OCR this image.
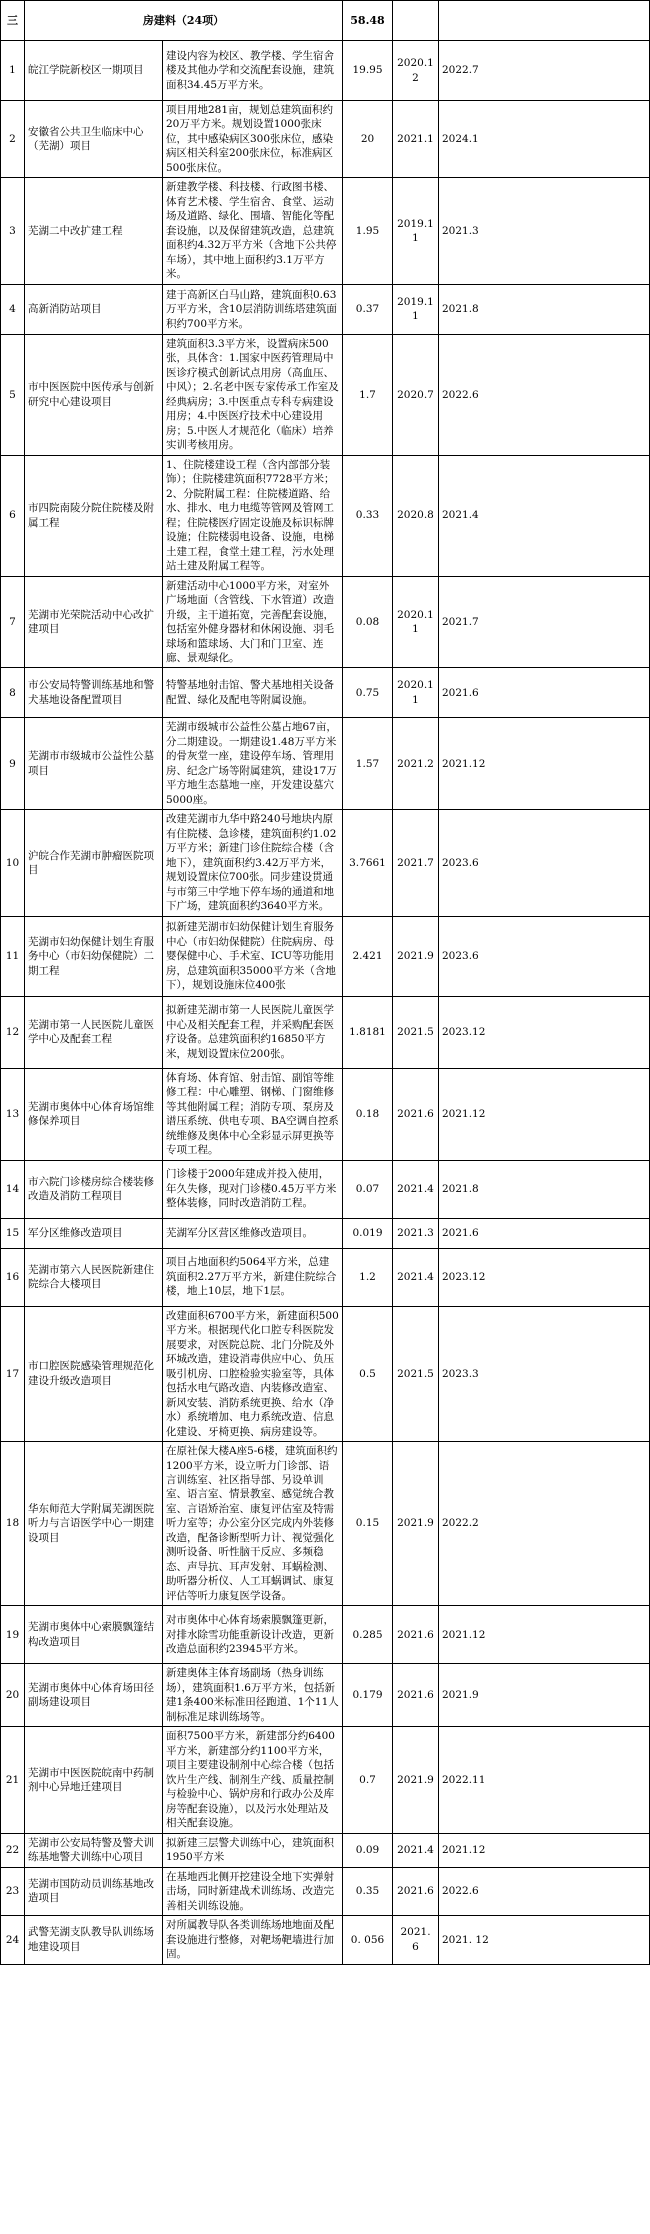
三	房建料（24项）		58.48		
1	皖江学院新校区一期项目	建设内容为校区、教学楼、学生宿舍楼及其他办学和交流配套设施，建筑面积34.45万平方米。	19.95	2020.12	2022.7
2	安徽省公共卫生临床中心（芜湖）项目	项目用地281亩，规划总建筑面积约20万平方米。规划设置1000张床位，其中感染病区300张床位，感染病区相关科室200张床位，标准病区500张床位。	20	2021.1	2024.1
3	芜湖二中改扩建工程	新建教学楼、科技楼、行政图书楼、体育艺术楼、学生宿舍、食堂、运动场及道路、绿化、围墙、智能化等配套设施，以及保留建筑改造，总建筑面积约4.32万平方米（含地下公共停车场），其中地上面积约3.1万平方米。	1.95	2019.11	2021.3
4	高新消防站项目	建于高新区白马山路，建筑面积0.63万平方米，含10层消防训练塔建筑面积约700平方米。	0.37	2019.11	2021.8
5	市中医医院中医传承与创新研究中心建设项目	建筑面积3.3平方米，设置病床500张，具体含：1.国家中医药管理局中医诊疗模式创新试点用房（高血压、中风）；2.名老中医专家传承工作室及经典病房；3.中医重点专科专病建设用房；4.中医医疗技术中心建设用房；5.中医人才规范化（临床）培养实训考核用房。	1.7	2020.7	2022.6
6	市四院南陵分院住院楼及附属工程	1、住院楼建设工程（含内部部分装饰）；住院楼建筑面积7728平方米；2、分院附属工程：住院楼道路、给水、排水、电力电缆等管网及管网工程；住院楼医疗固定设施及标识标牌设施；住院楼弱电设备、设施，电梯土建工程，食堂土建工程，污水处理站土建及附属工程等。	0.33	2020.8	2021.4
7	芜湖市光荣院活动中心改扩建项目	新建活动中心1000平方米，对室外广场地面（含管线、下水管道）改造升级，主干道拓宽，完善配套设施，包括室外健身器材和休闲设施、羽毛球场和篮球场、大门和门卫室、连廊、景观绿化。	0.08	2020.11	2021.7
8	市公安局特警训练基地和警犬基地设备配置项目	特警基地射击馆、警犬基地相关设备配置、绿化及配电等附属设施。	0.75	2020.11	2021.6
9	芜湖市市级城市公益性公墓项目	芜湖市级城市公益性公墓占地67亩，分二期建设。一期建设1.48万平方米的骨灰堂一座，建设停车场、管理用房、纪念广场等附属建筑，建设17万平方地生态墓地一座，开发建设墓穴5000座。	1.57	2021.2	2021.12
10	沪皖合作芜湖市肿瘤医院项目	改建芜湖市九华中路240号地块内原有住院楼、急诊楼，建筑面积约1.02万平方米；新建门诊住院综合楼（含地下），建筑面积约3.42万平方米，规划设置床位700张。同步建设贯通与市第三中学地下停车场的通道和地下广场，建筑面积约3640平方米。	3.7661	2021.7	2023.6
11	芜湖市妇幼保健计划生育服务中心（市妇幼保健院）二期工程	拟新建芜湖市妇幼保健计划生育服务中心（市妇幼保健院）住院病房、母婴保健中心、手术室、ICU等功能用房，总建筑面积35000平方米（含地下），规划设施床位400张	2.421	2021.9	2023.6
12	芜湖市第一人民医院儿童医学中心及配套工程	拟新建芜湖市第一人民医院儿童医学中心及相关配套工程，并采购配套医疗设备。总建筑面积约16850平方米，规划设置床位200张。	1.8181	2021.5	2023.12
13	芜湖市奥体中心体育场馆维修保养项目	体育场、体育馆、射击馆、副馆等维修工程：中心雕塑、钢梯、门窗维修等其他附属工程；消防专项、泵房及谱压系统、供电专项、BA空调自控系统维修及奥体中心全彩显示屏更换等专项工程。	0.18	2021.6	2021.12
14	市六院门诊楼房综合楼装修改造及消防工程项目	门诊楼于2000年建成并投入使用，年久失修，现对门诊楼0.45万平方米整体装修，同时改造消防工程。	0.07	2021.4	2021.8
15	军分区维修改造项目	芜湖军分区营区维修改造项目。	0.019	2021.3	2021.6
16	芜湖市第六人民医院新建住院综合大楼项目	项目占地面积约5064平方米，总建筑面积2.27万平方米，新建住院综合楼，地上10层，地下1层。	1.2	2021.4	2023.12
17	市口腔医院感染管理规范化建设升级改造项目	改建面积6700平方米，新建面积500平方米。根据现代化口腔专科医院发展要求，对医院总院、北门分院及外环城改造，建设消毒供应中心、负压吸引机房、口腔检验实验室等，具体包括水电气路改造、内装修改造室、新风安装、消防系统更换、给水（净水）系统增加、电力系统改造、信息化建设、牙椅更换、病房建设等。	0.5	2021.5	2023.3
18	华东师范大学附属芜湖医院听力与言语医学中心一期建设项目	在原社保大楼A座5-6楼，建筑面积约1200平方米，设立听力门诊部、语言训练室、社区指导部、另设单训室、语言室、情景教室、感觉统合教室、言语矫治室、康复评估室及特需听力室等；办公室分区完成内外装修改造，配备诊断型听力计、视觉强化测听设备、听性脑干反应、多频稳态、声导抗、耳声发射、耳蜗检测、助听器分析仪、人工耳蜗调试、康复评估等听力康复医学设备。	0.15	2021.9	2022.2
19	芜湖市奥体中心索膜飘篷结构改造项目	对市奥体中心体育场索膜飘篷更新，对排水除雪功能重新设计改造，更新改造总面积约23945平方米。	0.285	2021.6	2021.12
20	芜湖市奥体中心体育场田径副场建设项目	新建奥体主体育场副场（热身训练场），建筑面积1.6万平方米，包括新建1条400米标准田径跑道、1个11人制标准足球训练场等。	0.179	2021.6	2021.9
21	芜湖市中医医院皖南中药制剂中心异地迁建项目	面积7500平方米，新建部分约6400平方米，新建部分约1100平方米，项目主要建设制剂中心综合楼（包括饮片生产线、制剂生产线、质量控制与检验中心、锅炉房和行政办公及库房等配套设施），以及污水处理站及相关配套设施。	0.7	2021.9	2022.11
22	芜湖市公安局特警及警犬训练基地警犬训练中心项目	拟新建三层警犬训练中心，建筑面积1950平方米	0.09	2021.4	2021.12
23	芜湖市国防动员训练基地改造项目	在基地西北侧开挖建设全地下实弹射击场，同时新建战术训练场、改造完善相关训练设施。	0.35	2021.6	2022.6
24	武警芜湖支队教导队训练场地建设项目	对所属教导队各类训练场地地面及配套设施进行整修，对靶场靶墙进行加固。	0. 056	2021. 6	2021. 12
